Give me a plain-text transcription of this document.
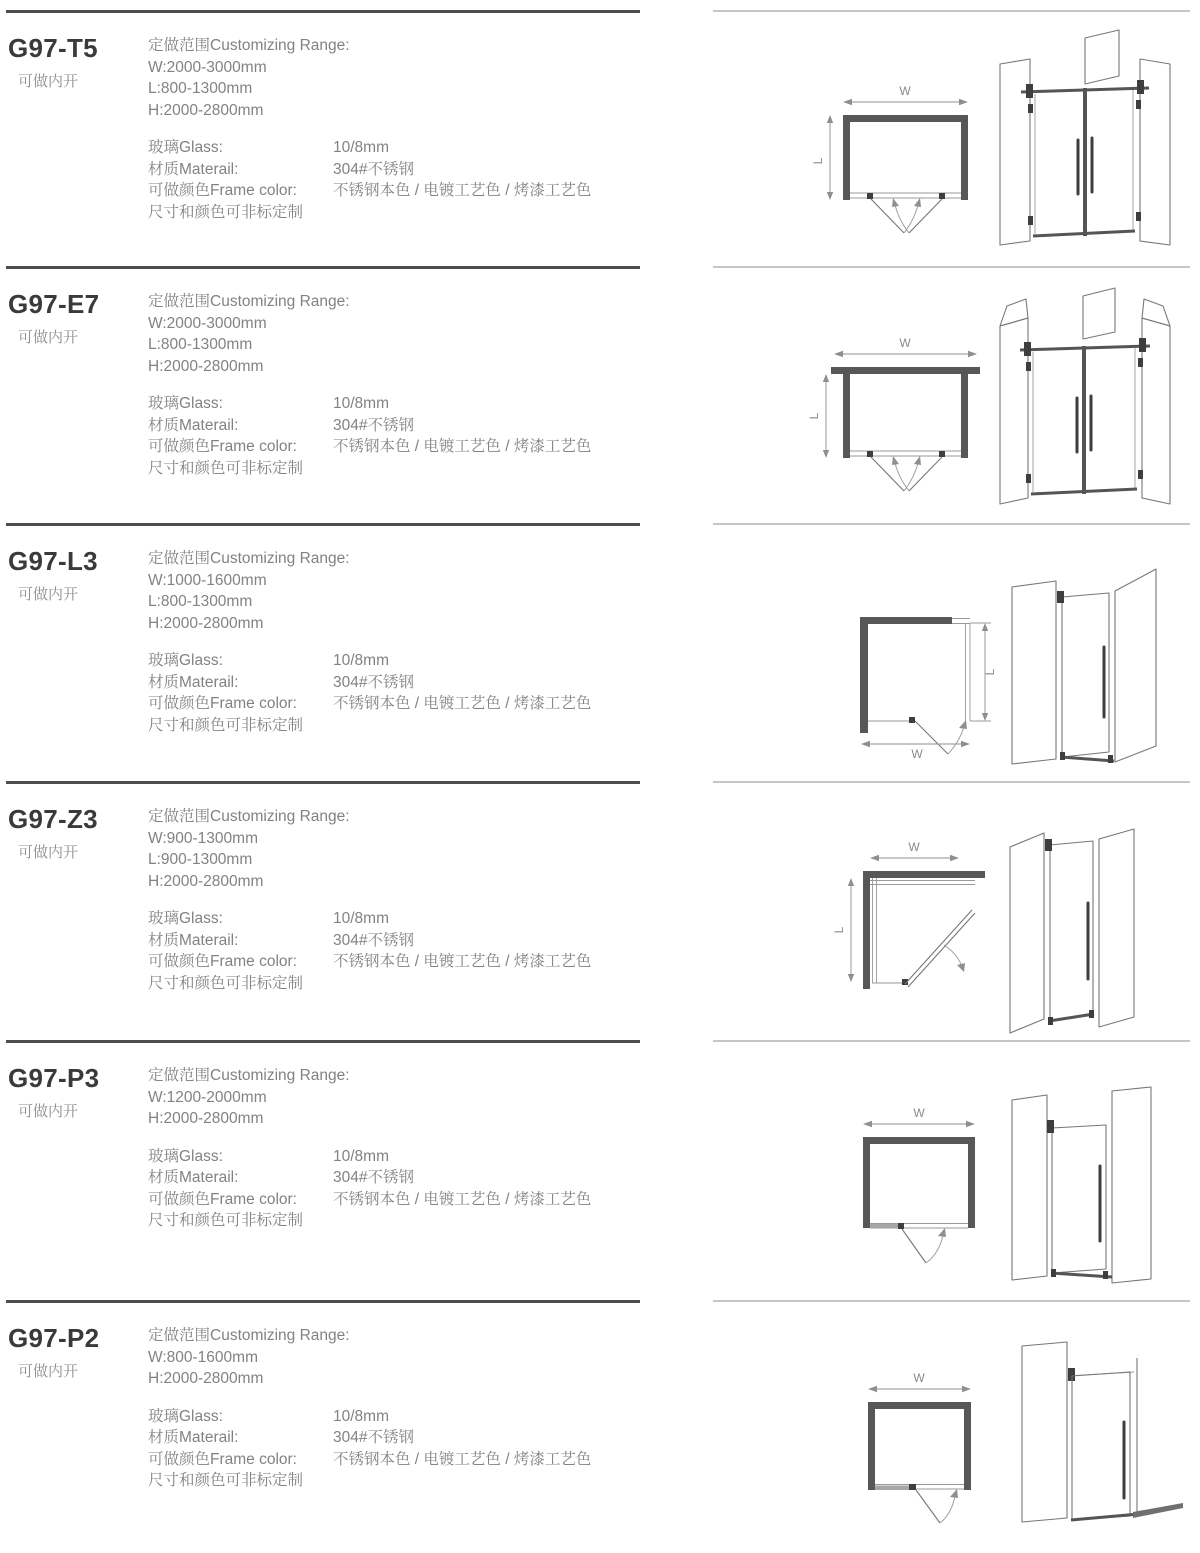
G97-T5
可做内开
定做范围Customizing Range:
W:2000-3000mm
L:800-1300mm
H:2000-2800mm
玻璃Glass:	10/8mm
材质Materail:	304#不锈钢
可做颜色Frame color:	不锈钢本色 / 电镀工艺色 / 烤漆工艺色
尺寸和颜色可非标定制
W
L
G97-E7
可做内开
定做范围Customizing Range:
W:2000-3000mm
L:800-1300mm
H:2000-2800mm
玻璃Glass:	10/8mm
材质Materail:	304#不锈钢
可做颜色Frame color:	不锈钢本色 / 电镀工艺色 / 烤漆工艺色
尺寸和颜色可非标定制
W
L
G97-L3
可做内开
定做范围Customizing Range:
W:1000-1600mm
L:800-1300mm
H:2000-2800mm
玻璃Glass:	10/8mm
材质Materail:	304#不锈钢
可做颜色Frame color:	不锈钢本色 / 电镀工艺色 / 烤漆工艺色
尺寸和颜色可非标定制
L
W
G97-Z3
可做内开
定做范围Customizing Range:
W:900-1300mm
L:900-1300mm
H:2000-2800mm
玻璃Glass:	10/8mm
材质Materail:	304#不锈钢
可做颜色Frame color:	不锈钢本色 / 电镀工艺色 / 烤漆工艺色
尺寸和颜色可非标定制
W
L
G97-P3
可做内开
定做范围Customizing Range:
W:1200-2000mm
H:2000-2800mm
玻璃Glass:	10/8mm
材质Materail:	304#不锈钢
可做颜色Frame color:	不锈钢本色 / 电镀工艺色 / 烤漆工艺色
尺寸和颜色可非标定制
W
G97-P2
可做内开
定做范围Customizing Range:
W:800-1600mm
H:2000-2800mm
玻璃Glass:	10/8mm
材质Materail:	304#不锈钢
可做颜色Frame color:	不锈钢本色 / 电镀工艺色 / 烤漆工艺色
尺寸和颜色可非标定制
W
